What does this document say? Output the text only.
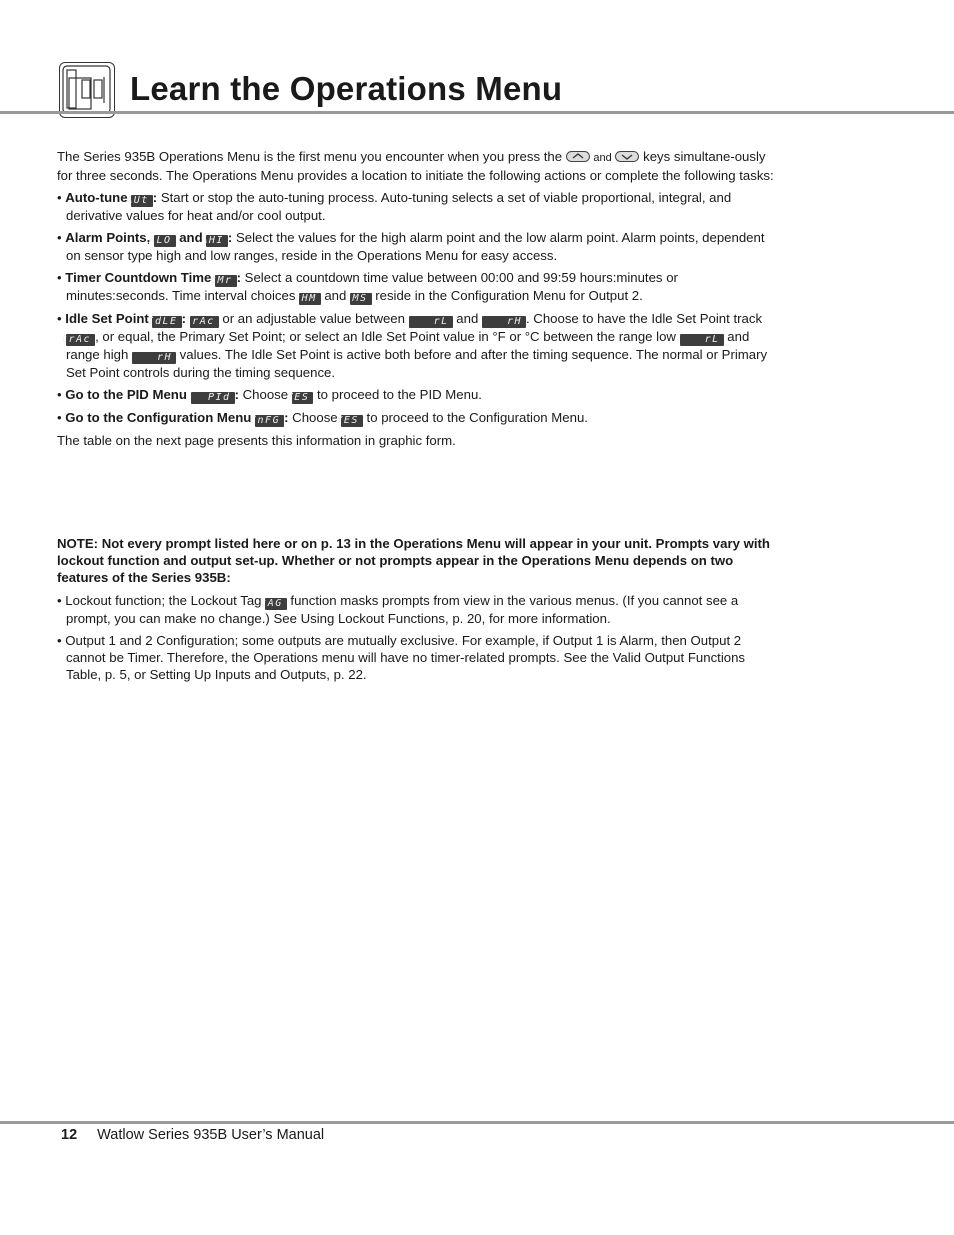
Learn the Operations Menu

The Series 935B Operations Menu is the first menu you encounter when you press the	and  keys simultane-ously for three seconds. The Operations Menu provides a location to initiate the following actions or complete the following tasks:

• Auto-tune AUt : Start or stop the auto-tuning process. Auto-tuning selects a set of viable proportional, integral, and derivative values for heat and/or cool output.

• Alarm Points, ALO and AHI : Select the values for the high alarm point and the low alarm point. Alarm points, dependent on sensor type high and low ranges, reside in the Operations Menu for easy access.

• Timer Countdown Time tMr : Select a countdown time value between 00:00 and 99:59 hours:minutes or minutes:seconds. Time interval choices tHM and tMS reside in the Configuration Menu for Output 2.

• Idle Set Point IdLE : trAc or an adjustable value between rL and rH . Choose to have the Idle Set Point track trAc , or equal, the Primary Set Point; or select an Idle Set Point value in °F or °C between the range low rL and range high rH values. The Idle Set Point is active both before and after the timing sequence. The normal or Primary Set Point controls during the timing sequence.

• Go to the PID Menu PId : Choose YES to proceed to the PID Menu.

• Go to the Configuration Menu CnFG : Choose YES to proceed to the Configuration Menu.

The table on the next page presents this information in graphic form.

NOTE: Not every prompt listed here or on p. 13 in the Operations Menu will appear in your unit. Prompts vary with lockout function and output set-up. Whether or not prompts appear in the Operations Menu depends on two features of the Series 935B:

• Lockout function; the Lockout Tag tAG function masks prompts from view in the various menus. (If you cannot see a prompt, you can make no change.) See Using Lockout Functions, p. 20, for more information.

• Output 1 and 2 Configuration; some outputs are mutually exclusive. For example, if Output 1 is Alarm, then Output 2 cannot be Timer. Therefore, the Operations menu will have no timer-related prompts. See the Valid Output Functions Table, p. 5, or Setting Up Inputs and Outputs, p. 22.

12 Watlow Series 935B User’s Manual
